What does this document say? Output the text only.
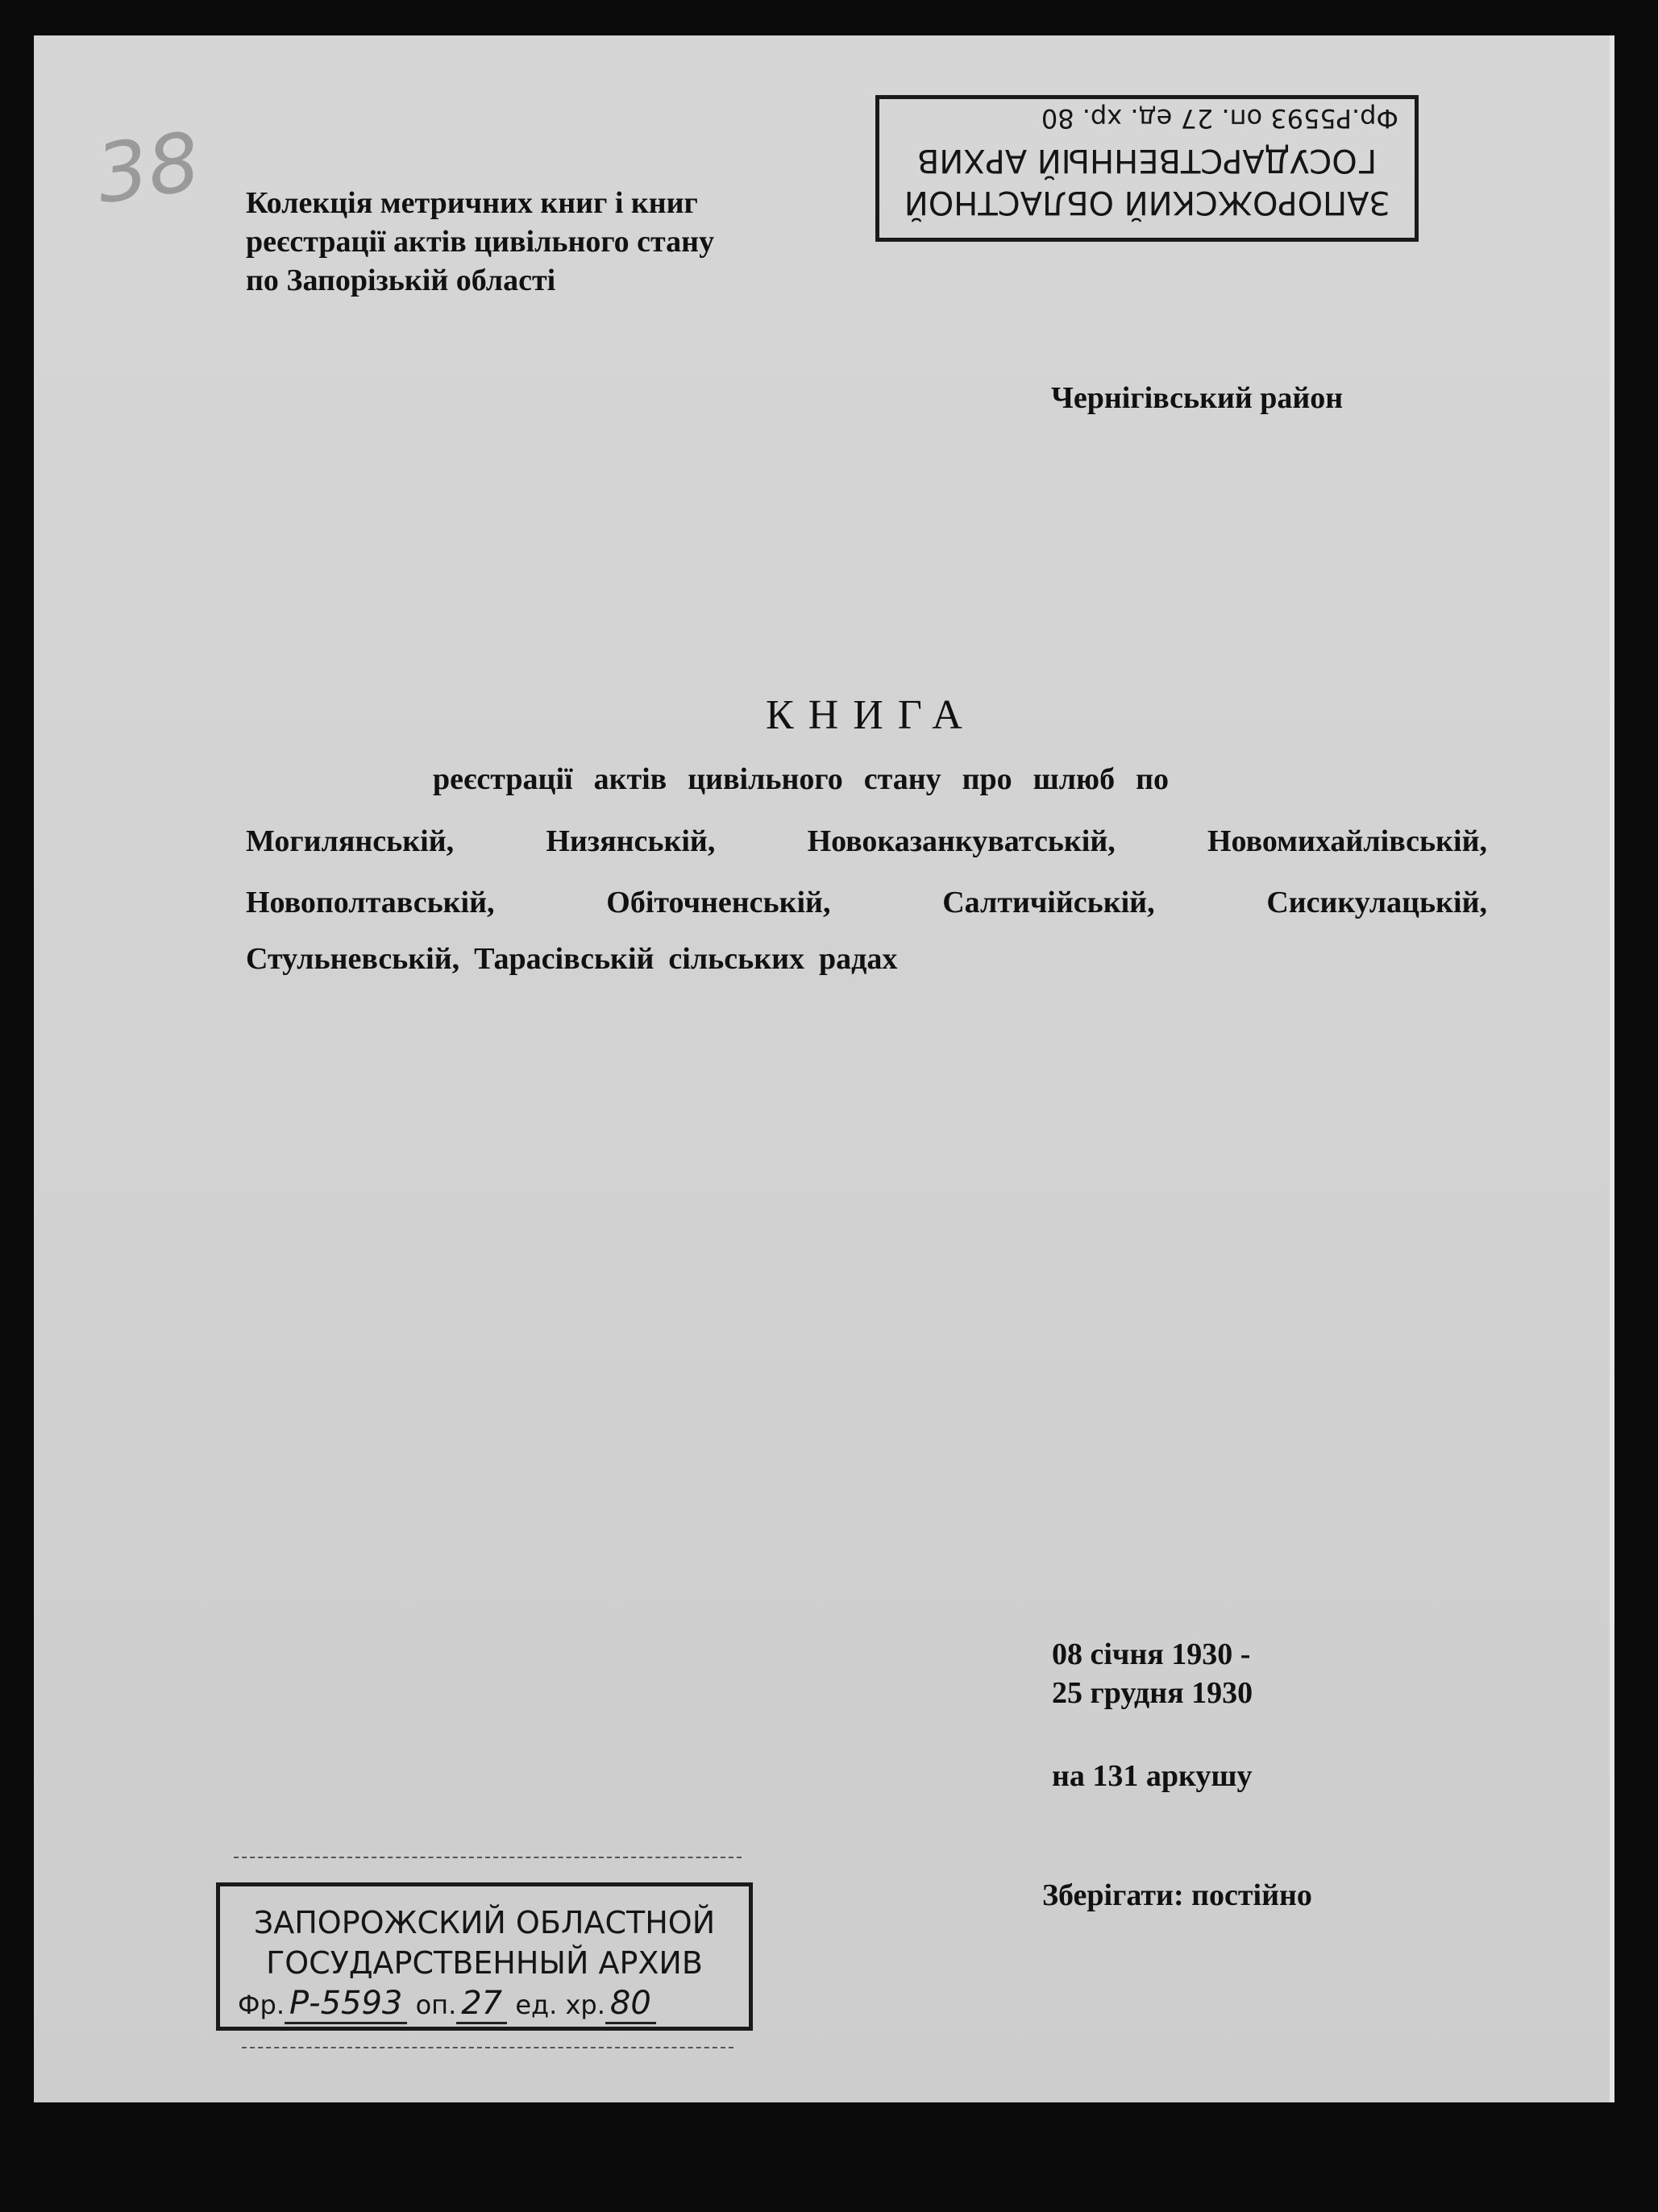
38	ЗАПОРОЖСКИЙ ОБЛАСТНОЙ
ГОСУДАРСТВЕННЫЙ АРХИВ
Фр.Р5593 оп. 27 ед. хр. 80
Колекція метричних книг і книг
реєстрації актів цивільного стану
по Запорізькій області
Чернігівський район
КНИГА
реєстрації актів цивільного стану про шлюб по
Могилянській,	Низянській,	Новоказанкуватській,	Новомихайлівській,
Новополтавській,	Обіточненській,	Салтичійській,	Сисикулацькій,
Стульневській, Тарасівській сільських радах
08 січня 1930 -
25 грудня 1930
на 131 аркушу
Зберігати: постійно
ЗАПОРОЖСКИЙ ОБЛАСТНОЙ
ГОСУДАРСТВЕННЫЙ АРХИВ
Фр. Р-5593 оп. 27 ед. хр. 80
